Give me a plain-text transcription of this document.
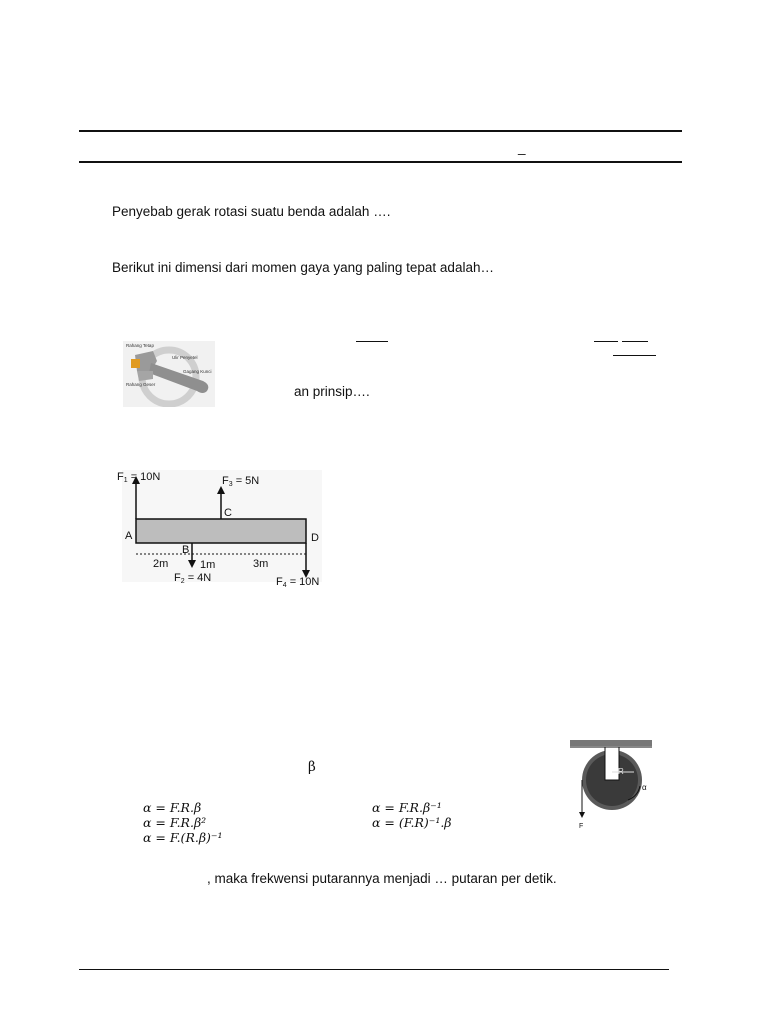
_
Penyebab gerak rotasi suatu benda adalah ….
Berikut ini dimensi dari momen gaya yang paling tepat adalah…
Rahang Tetap
Ulir Penyetel
Gagang Kunci
Rahang Geser	an prinsip….
F1 = 10N	F3 = 5N
F2 = 4N	F4 = 10N
A
B
C
D
2m	1m	3m
R
α
F
β
α = F.R.β
α = F.R.β²
α = F.(R.β)⁻¹
α = F.R.β⁻¹
α = (F.R)⁻¹.β
, maka frekwensi putarannya menjadi … putaran per detik.
